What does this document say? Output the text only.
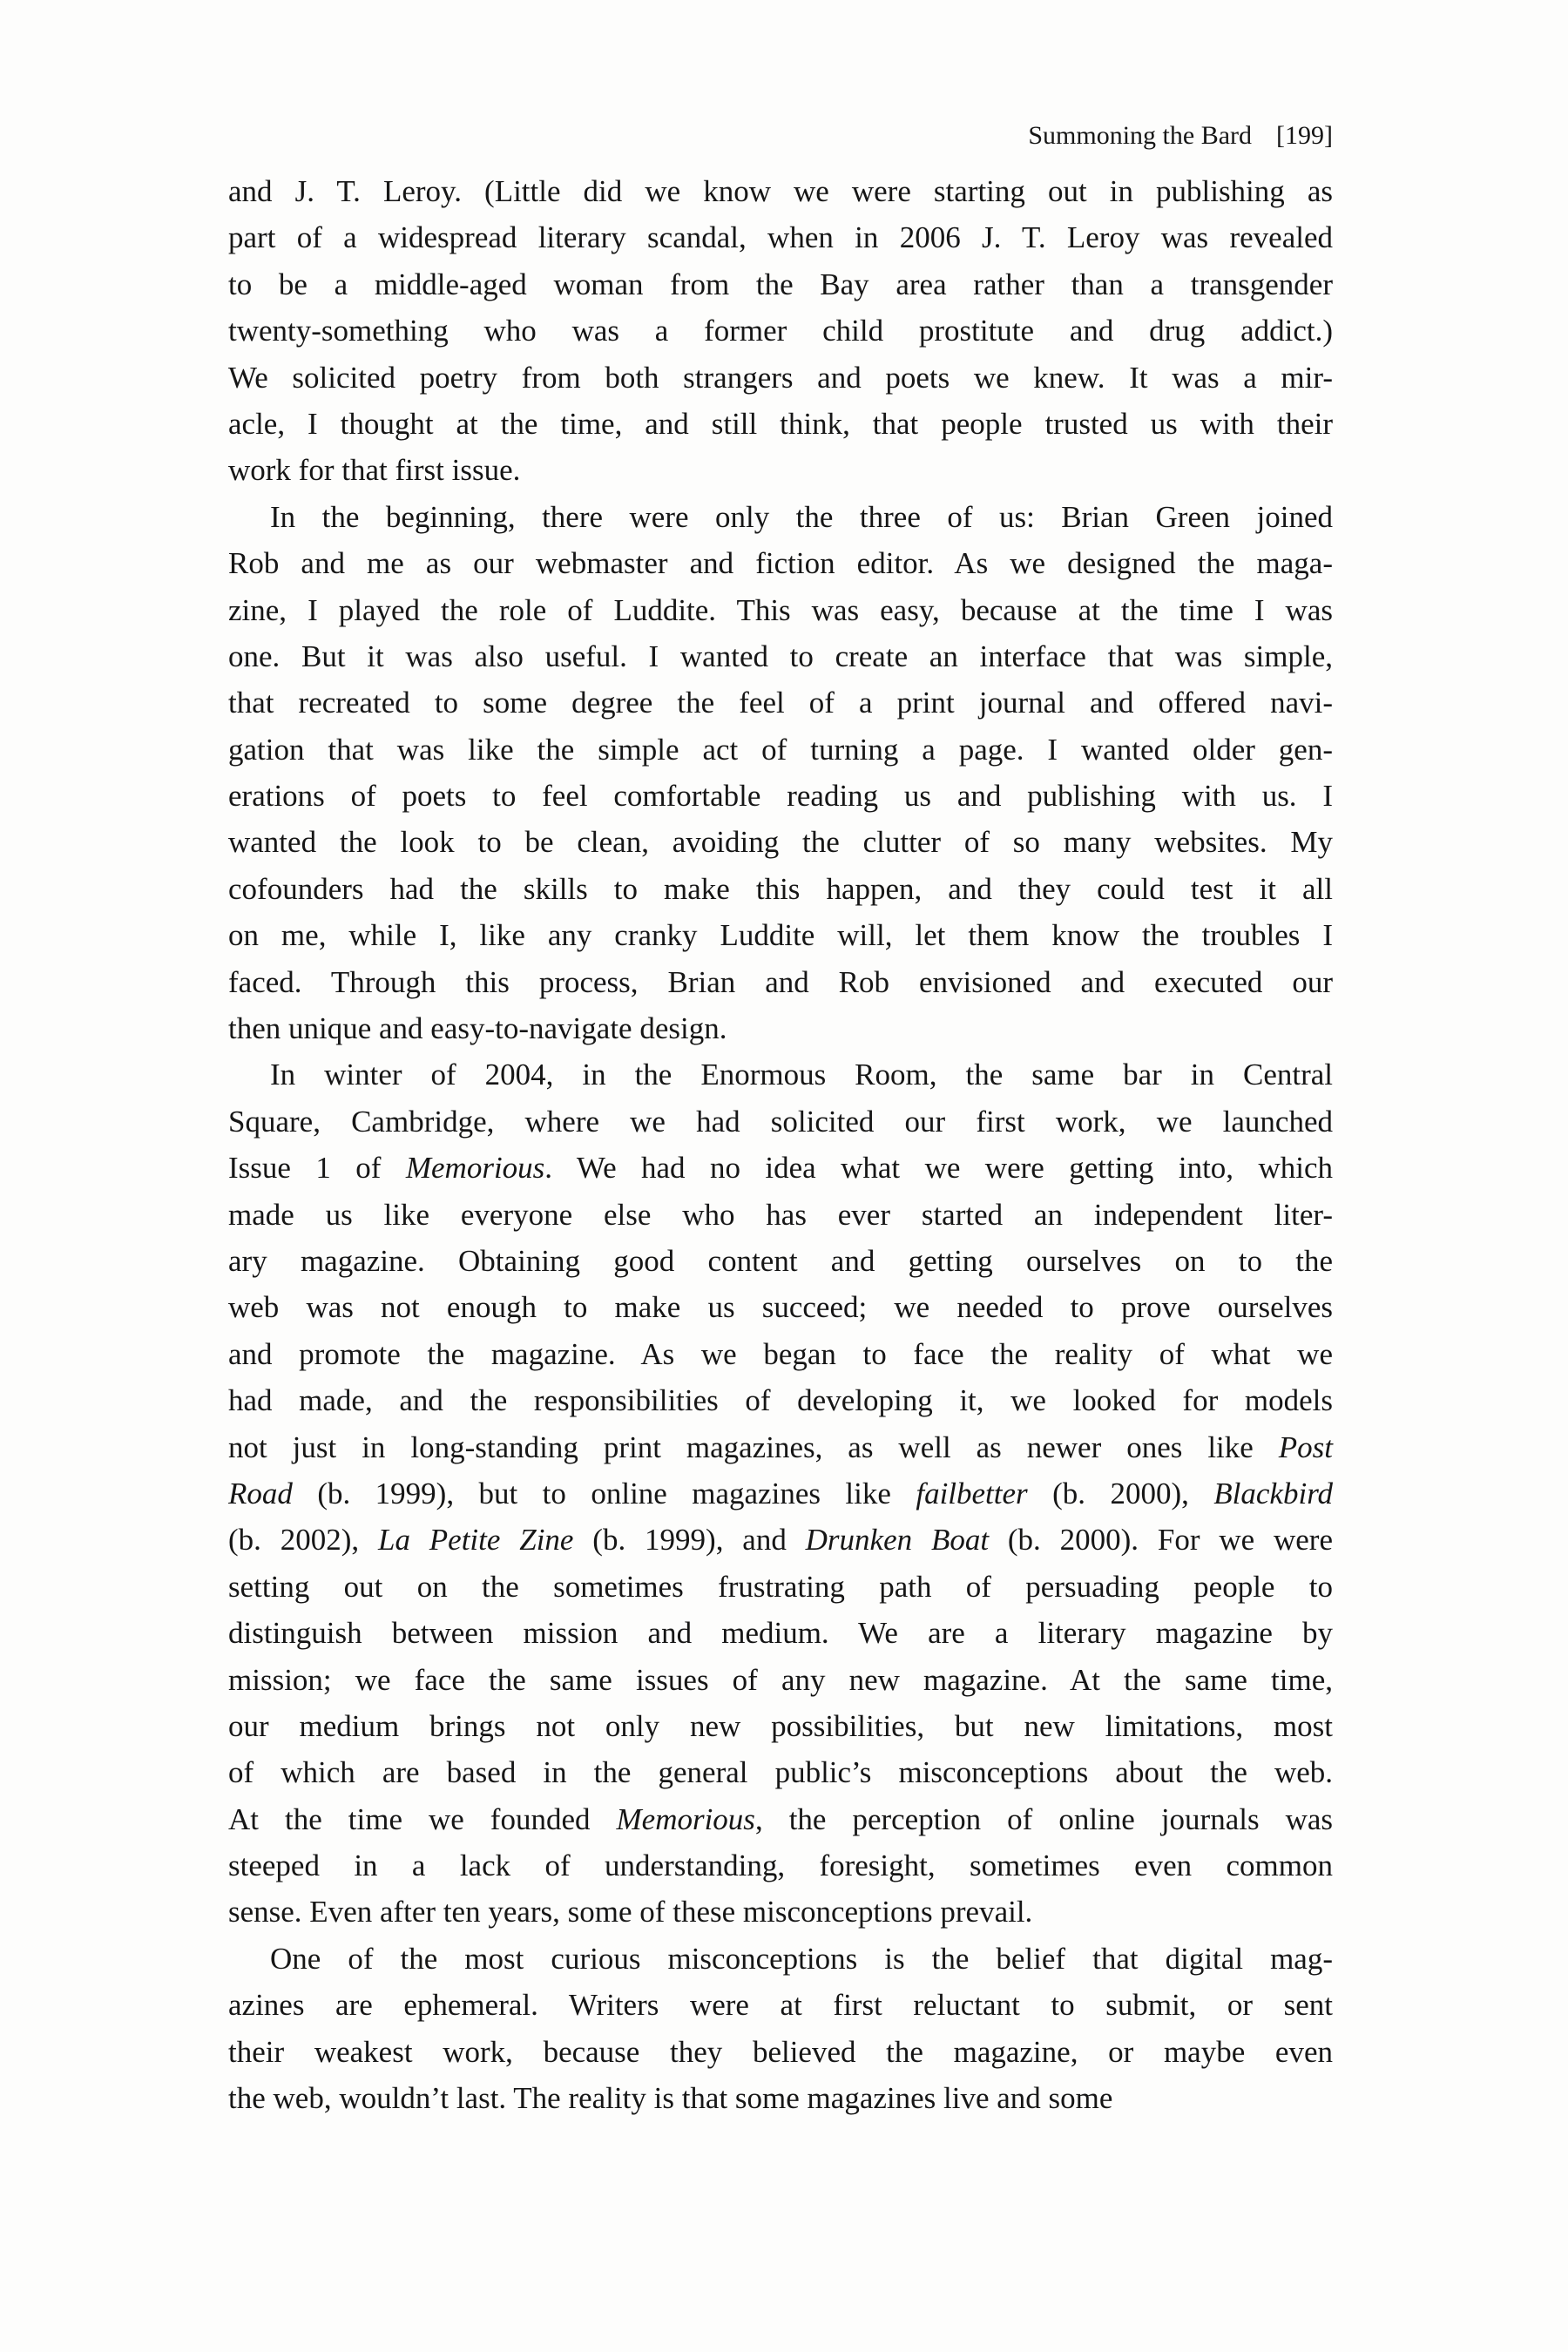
Summoning the Bard [199]
and J. T. Leroy. (Little did we know we were starting out in publishing as
part of a widespread literary scandal, when in 2006 J. T. Leroy was revealed
to be a middle-aged woman from the Bay area rather than a transgender
twenty-something who was a former child prostitute and drug addict.)
We solicited poetry from both strangers and poets we knew. It was a mir-
acle, I thought at the time, and still think, that people trusted us with their
work for that first issue.
In the beginning, there were only the three of us: Brian Green joined
Rob and me as our webmaster and fiction editor. As we designed the maga-
zine, I played the role of Luddite. This was easy, because at the time I was
one. But it was also useful. I wanted to create an interface that was simple,
that recreated to some degree the feel of a print journal and offered navi-
gation that was like the simple act of turning a page. I wanted older gen-
erations of poets to feel comfortable reading us and publishing with us. I
wanted the look to be clean, avoiding the clutter of so many websites. My
cofounders had the skills to make this happen, and they could test it all
on me, while I, like any cranky Luddite will, let them know the troubles I
faced. Through this process, Brian and Rob envisioned and executed our
then unique and easy-to-navigate design.
In winter of 2004, in the Enormous Room, the same bar in Central
Square, Cambridge, where we had solicited our first work, we launched
Issue 1 of Memorious. We had no idea what we were getting into, which
made us like everyone else who has ever started an independent liter-
ary magazine. Obtaining good content and getting ourselves on to the
web was not enough to make us succeed; we needed to prove ourselves
and promote the magazine. As we began to face the reality of what we
had made, and the responsibilities of developing it, we looked for models
not just in long-standing print magazines, as well as newer ones like Post
Road (b. 1999), but to online magazines like failbetter (b. 2000), Blackbird
(b. 2002), La Petite Zine (b. 1999), and Drunken Boat (b. 2000). For we were
setting out on the sometimes frustrating path of persuading people to
distinguish between mission and medium. We are a literary magazine by
mission; we face the same issues of any new magazine. At the same time,
our medium brings not only new possibilities, but new limitations, most
of which are based in the general public’s misconceptions about the web.
At the time we founded Memorious, the perception of online journals was
steeped in a lack of understanding, foresight, sometimes even common
sense. Even after ten years, some of these misconceptions prevail.
One of the most curious misconceptions is the belief that digital mag-
azines are ephemeral. Writers were at first reluctant to submit, or sent
their weakest work, because they believed the magazine, or maybe even
the web, wouldn’t last. The reality is that some magazines live and some
